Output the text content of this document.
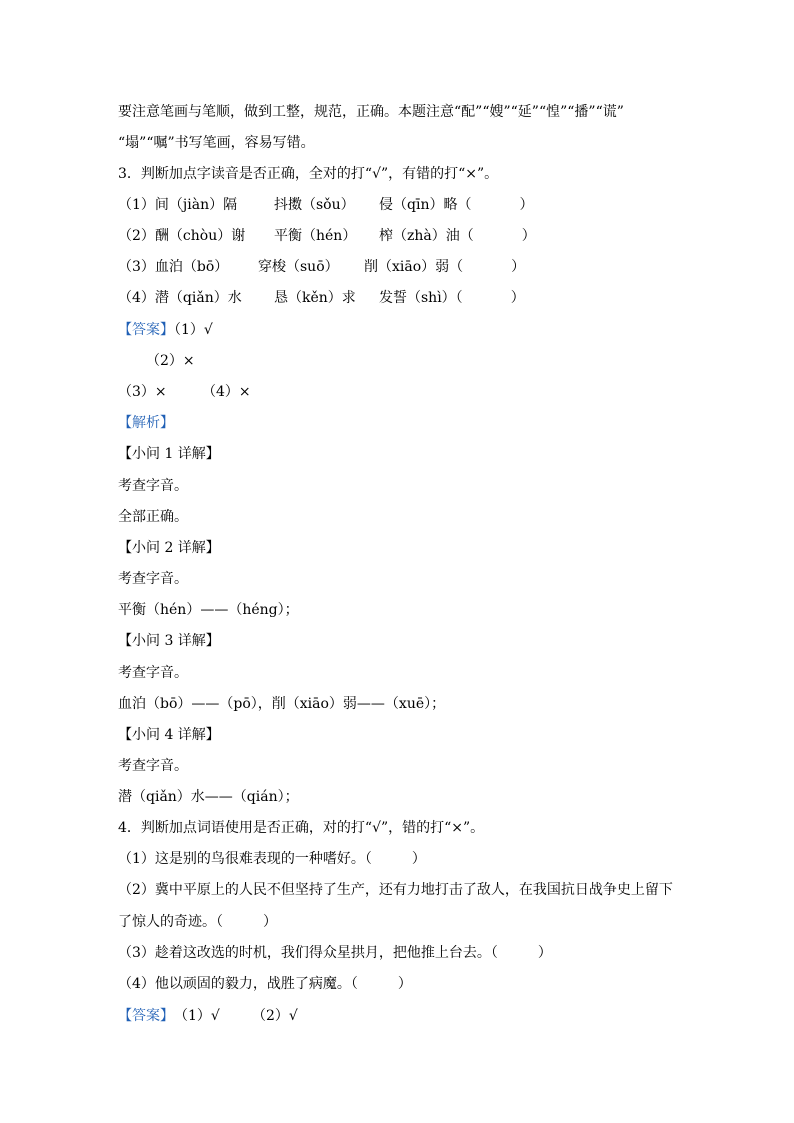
要注意笔画与笔顺，做到工整，规范，正确。本题注意“配”“嫂”“延”“惶”“播”“谎”
“塌”“嘱”书写笔画，容易写错。
3．判断加点字读音是否正确，全对的打“√”，有错的打“×”。
（1）间（jiàn）隔	抖擞（sǒu） 侵（qīn）略（	）
（2）酬（chòu）谢 平衡（hén） 榨（zhà）油（	）
（3）血泊（bō） 穿梭（suō） 削（xiāo）弱（	）
（4）潜（qiǎn）水 恳（kěn）求 发誓（shì）（	）
【答案】（1）√
（2）×
（3）×	（4）×
【解析】
【小问 1 详解】
考查字音。
全部正确。
【小问 2 详解】
考查字音。
平衡（hén）——（héng）；
【小问 3 详解】
考查字音。
血泊（bō）——（pō），削（xiāo）弱——（xuē）；
【小问 4 详解】
考查字音。
潜（qiǎn）水——（qián）；
4．判断加点词语使用是否正确，对的打“√”，错的打“×”。
（1）这是别的鸟很难表现的一种嗜好。（	）
（2）冀中平原上的人民不但坚持了生产，还有力地打击了敌人，在我国抗日战争史上留下
了惊人的奇迹。（	）
（3）趁着这改选的时机，我们得众星拱月，把他推上台去。（	）
（4）他以顽固的毅力，战胜了病魔。（	）
【答案】（1）√ （2）√
